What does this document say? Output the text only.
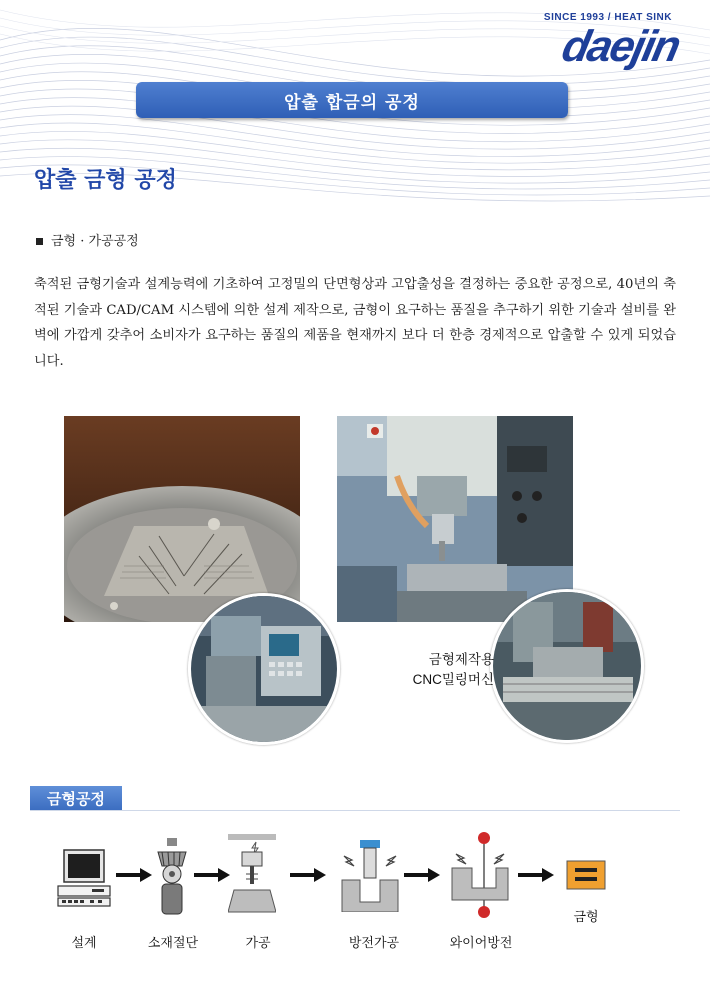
SINCE 1993 / HEAT SINK
daejin
압출 합금의 공정
압출 금형 공정
금형 · 가공공정

축적된 금형기술과 설계능력에 기초하여 고정밀의 단면형상과 고압출성을 결정하는 중요한 공정으로, 40년의 축적된 기술과 CAD/CAM 시스템에 의한 설계 제작으로, 금형이 요구하는 품질을 추구하기 위한 기술과 설비를 완벽에 가깝게 갖추어 소비자가 요구하는 품질의 제품을 현재까지 보다 더 한층 경제적으로 압출할 수 있게 되었습니다.

금형제작용
CNC밀링머신
금형공정
설계	소재절단	가공	방전가공	와이어방전
금형
